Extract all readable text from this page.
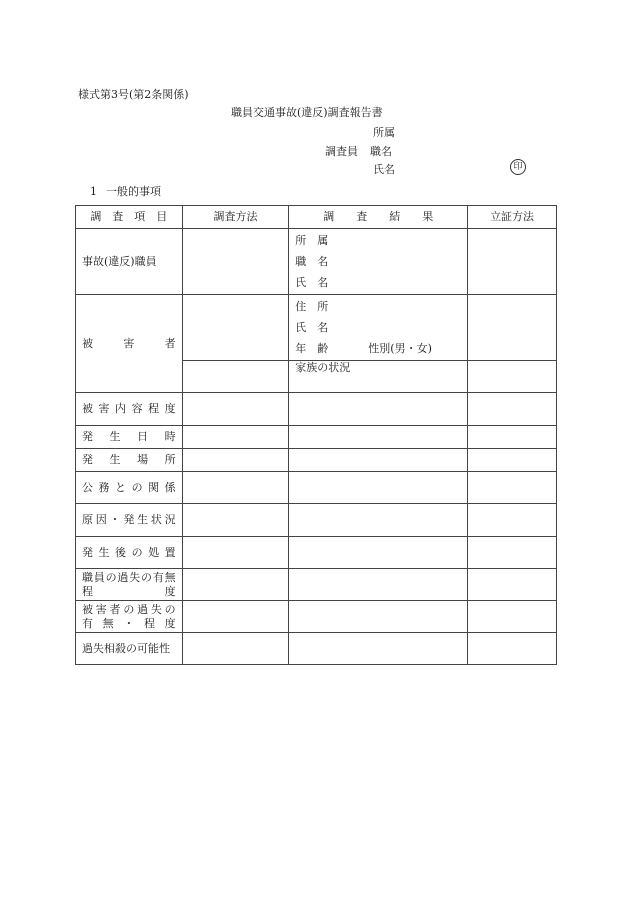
様式第3号(第2条関係)
職員交通事故(違反)調査報告書
所属
調査員 職名
氏名	印
1 一般的事項
調　査　項　目	調査方法	調　　査　　結　　果	立証方法
事故(違反)職員		所　属
職　名
氏　名	

被　　害　　者		住　所
氏　名
年　齢 性別(男・女)	

		家族の状況	
被害内容程度			
発生日時			
発生場所			
公務との関係			
原因・発生状況			
発生後の処置			

職員の過失の有無
程度			

被害者の過失の
有無・程度			

過失相殺の可能性			
